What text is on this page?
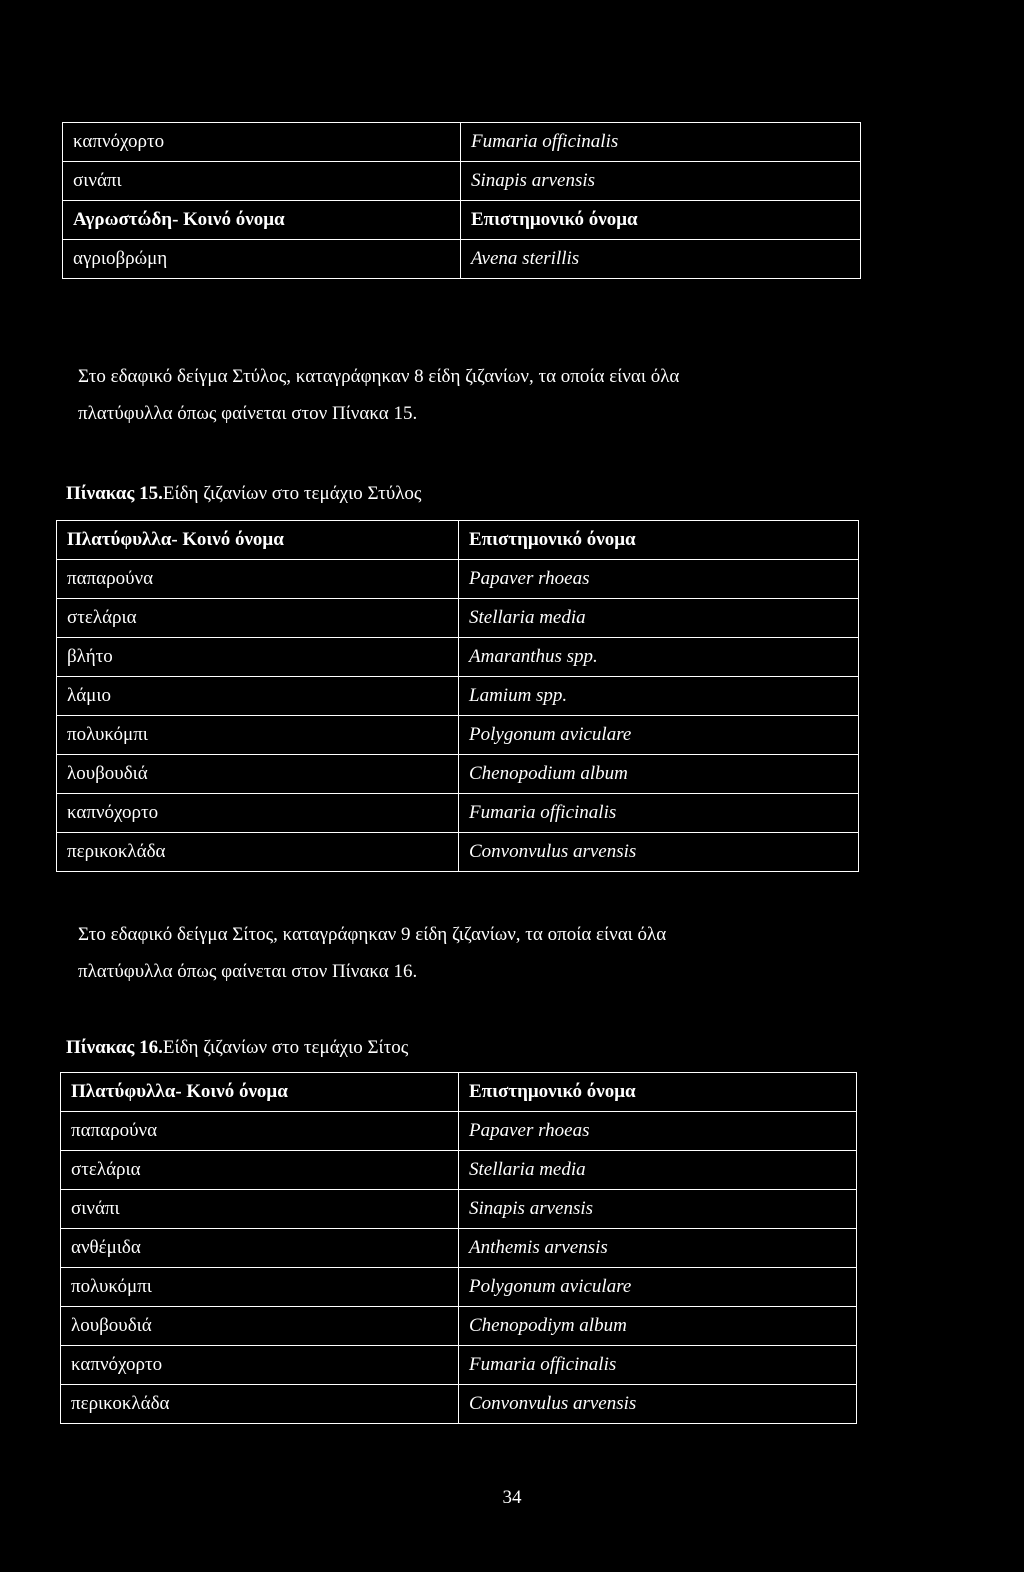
καπνόχορτο	Fumaria officinalis
σινάπι	Sinapis arvensis
Αγρωστώδη- Κοινό όνομα	Επιστημονικό όνομα
αγριοβρώμη	Avena sterillis
Στο εδαφικό δείγμα Στύλος, καταγράφηκαν 8 είδη ζιζανίων, τα οποία είναι όλα
πλατύφυλλα όπως φαίνεται στον Πίνακα 15.
Πίνακας 15.Είδη ζιζανίων στο τεμάχιο Στύλος
Πλατύφυλλα- Κοινό όνομα	Επιστημονικό όνομα
παπαρούνα	Papaver rhoeas
στελάρια	Stellaria media
βλήτο	Amaranthus spp.
λάμιο	Lamium spp.
πολυκόμπι	Polygonum aviculare
λουβουδιά	Chenopodium album
καπνόχορτο	Fumaria officinalis
περικοκλάδα	Convonvulus arvensis
Στο εδαφικό δείγμα Σίτος, καταγράφηκαν 9 είδη ζιζανίων, τα οποία είναι όλα
πλατύφυλλα όπως φαίνεται στον Πίνακα 16.
Πίνακας 16.Είδη ζιζανίων στο τεμάχιο Σίτος
Πλατύφυλλα- Κοινό όνομα	Επιστημονικό όνομα
παπαρούνα	Papaver rhoeas
στελάρια	Stellaria media
σινάπι	Sinapis arvensis
ανθέμιδα	Anthemis arvensis
πολυκόμπι	Polygonum aviculare
λουβουδιά	Chenopodiym album
καπνόχορτο	Fumaria officinalis
περικοκλάδα	Convonvulus arvensis
34
